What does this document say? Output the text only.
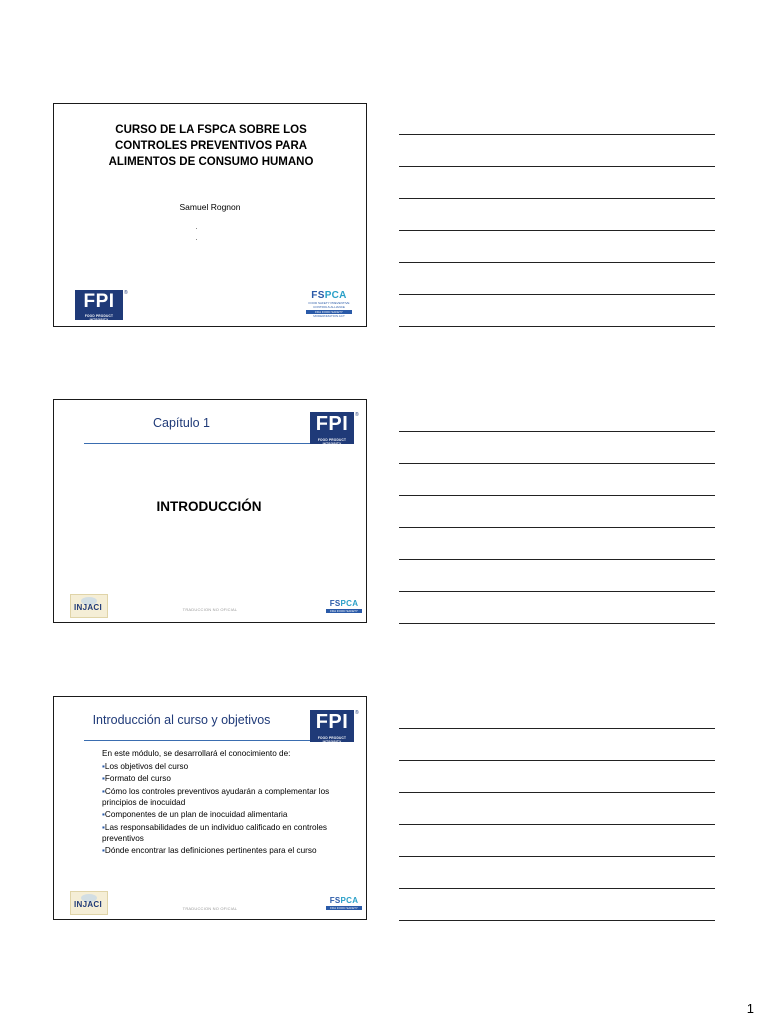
CURSO DE LA FSPCA SOBRE LOS CONTROLES PREVENTIVOS PARA ALIMENTOS DE CONSUMO HUMANO
Samuel Rognon
FPI
FOOD PRODUCT INTEGRITY
®	FSPCA
FOOD SAFETY PREVENTIVE CONTROLS ALLIANCE
FDA FOOD SAFETY
MODERNIZATION ACT
Capítulo 1	FPI
FOOD PRODUCT INTEGRITY
®
INTRODUCCIÓN
INJACI	TRADUCCION NO OFICIAL
FSPCA
FDA FOOD SAFETY
Introducción al curso y objetivos	FPI
FOOD PRODUCT INTEGRITY
®
En este módulo, se desarrollará el conocimiento de:
▪Los objetivos del curso
▪Formato del curso
▪Cómo los controles preventivos ayudarán a complementar los principios de inocuidad
▪Componentes de un plan de inocuidad alimentaria
▪Las responsabilidades de un individuo calificado en controles preventivos
▪Dónde encontrar las definiciones pertinentes para el curso
INJACI	TRADUCCION NO OFICIAL
FSPCA
FDA FOOD SAFETY
1
